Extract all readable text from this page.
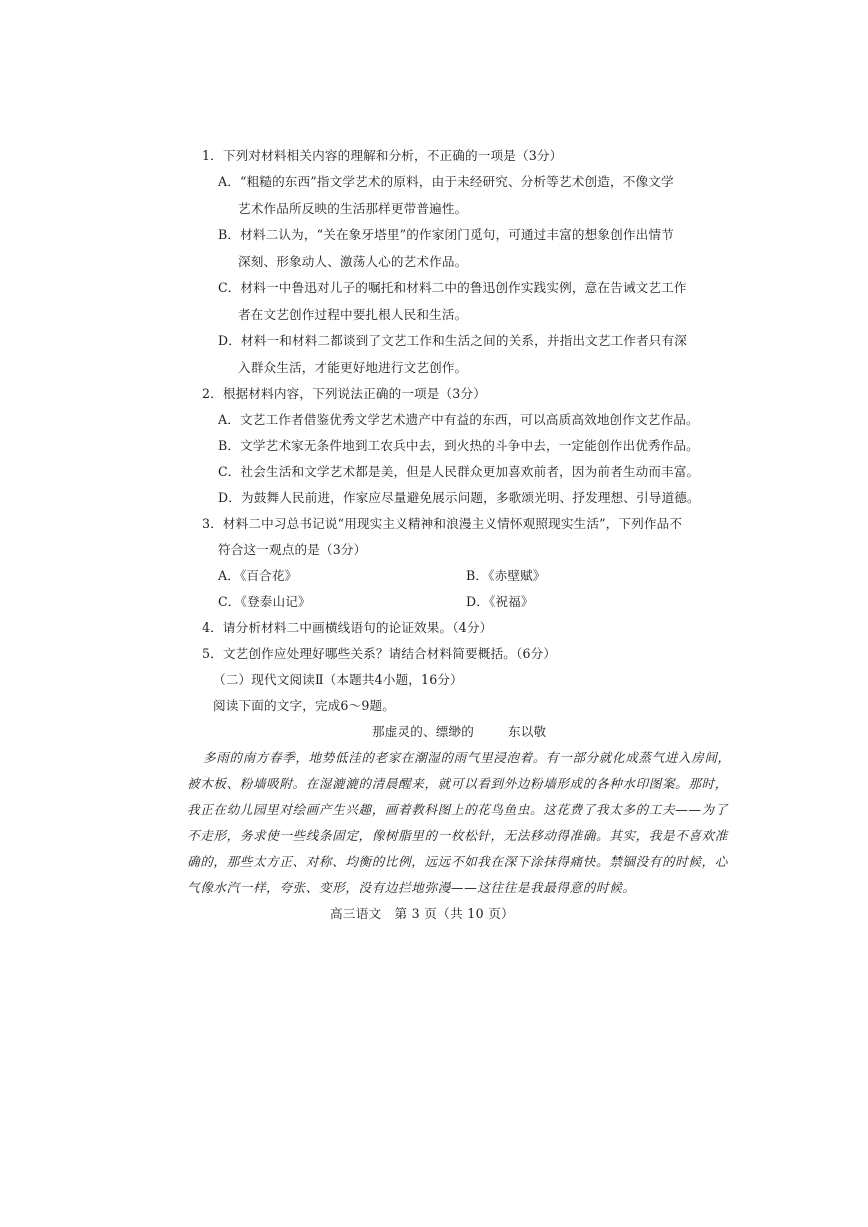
1．下列对材料相关内容的理解和分析，不正确的一项是（3分）
A．“粗糙的东西”指文学艺术的原料，由于未经研究、分析等艺术创造，不像文学
艺术作品所反映的生活那样更带普遍性。
B．材料二认为，“关在象牙塔里”的作家闭门觅句，可通过丰富的想象创作出情节
深刻、形象动人、激荡人心的艺术作品。
C．材料一中鲁迅对儿子的嘱托和材料二中的鲁迅创作实践实例，意在告诫文艺工作
者在文艺创作过程中要扎根人民和生活。
D．材料一和材料二都谈到了文艺工作和生活之间的关系，并指出文艺工作者只有深
入群众生活，才能更好地进行文艺创作。
2．根据材料内容，下列说法正确的一项是（3分）
A．文艺工作者借鉴优秀文学艺术遗产中有益的东西，可以高质高效地创作文艺作品。
B．文学艺术家无条件地到工农兵中去，到火热的斗争中去，一定能创作出优秀作品。
C．社会生活和文学艺术都是美，但是人民群众更加喜欢前者，因为前者生动而丰富。
D．为鼓舞人民前进，作家应尽量避免展示问题，多歌颂光明、抒发理想、引导道德。
3．材料二中习总书记说“用现实主义精神和浪漫主义情怀观照现实生活”，下列作品不
符合这一观点的是（3分）
A．《百合花》	B．《赤壁赋》
C．《登泰山记》	D．《祝福》
4．请分析材料二中画横线语句的论证效果。（4分）
5．文艺创作应处理好哪些关系？请结合材料简要概括。（6分）
（二）现代文阅读Ⅱ（本题共4小题，16分）
阅读下面的文字，完成6～9题。
那虚灵的、缥缈的	东以敬
多雨的南方春季，地势低洼的老家在潮湿的雨气里浸泡着。有一部分就化成蒸气进入房间，
被木板、粉墙吸附。在湿漉漉的清晨醒来，就可以看到外边粉墙形成的各种水印图案。那时，
我正在幼儿园里对绘画产生兴趣，画着教科图上的花鸟鱼虫。这花费了我太多的工夫——为了
不走形，务求使一些线条固定，像树脂里的一枚松针，无法移动得准确。其实，我是不喜欢准
确的，那些太方正、对称、均衡的比例，远远不如我在深下涂抹得痛快。禁锢没有的时候，心
气像水汽一样，夸张、变形，没有边拦地弥漫——这往往是我最得意的时候。
高三语文　第 3 页（共 10 页）
